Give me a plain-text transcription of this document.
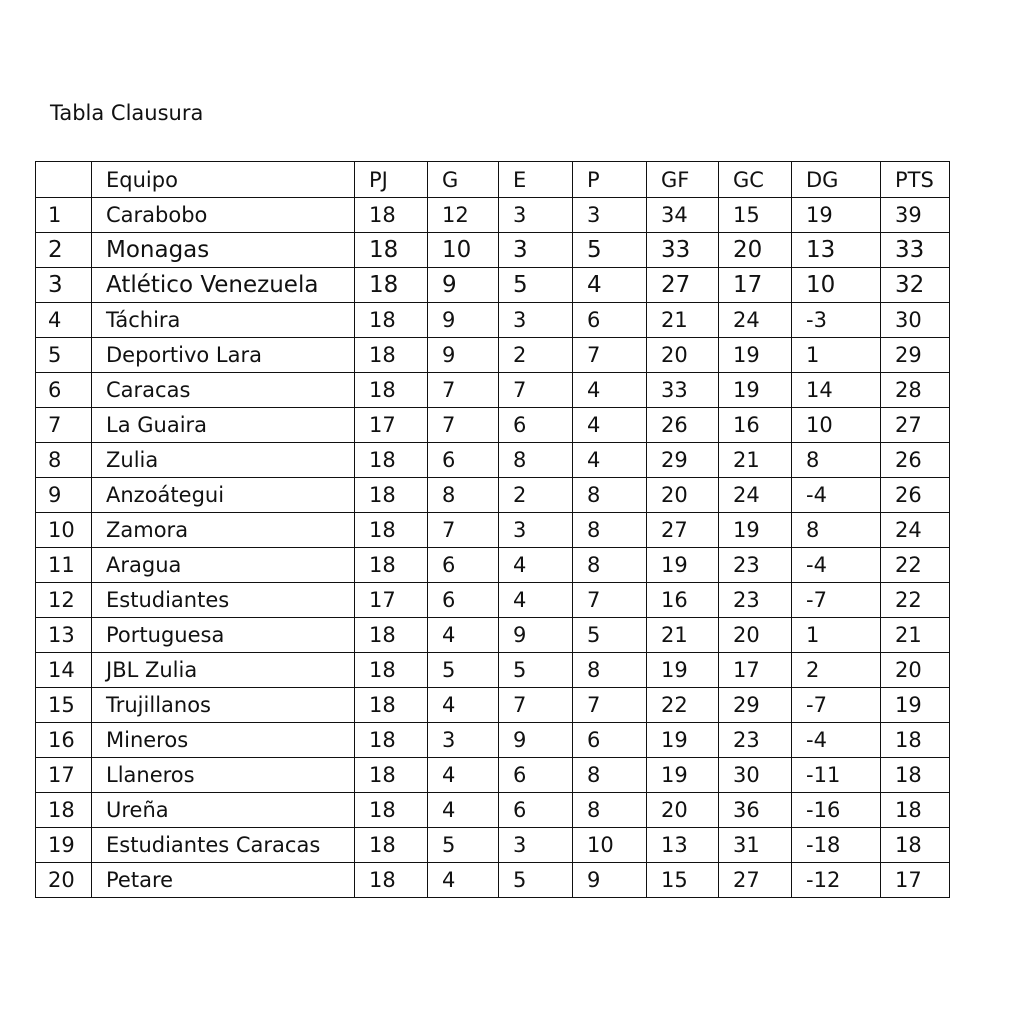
Tabla Clausura
	Equipo	PJ	G	E	P	GF	GC	DG	PTS
1	Carabobo	18	12	3	3	34	15	19	39
2	Monagas	18	10	3	5	33	20	13	33
3	Atlético Venezuela	18	9	5	4	27	17	10	32
4	Táchira	18	9	3	6	21	24	-3	30
5	Deportivo Lara	18	9	2	7	20	19	1	29
6	Caracas	18	7	7	4	33	19	14	28
7	La Guaira	17	7	6	4	26	16	10	27
8	Zulia	18	6	8	4	29	21	8	26
9	Anzoátegui	18	8	2	8	20	24	-4	26
10	Zamora	18	7	3	8	27	19	8	24
11	Aragua	18	6	4	8	19	23	-4	22
12	Estudiantes	17	6	4	7	16	23	-7	22
13	Portuguesa	18	4	9	5	21	20	1	21
14	JBL Zulia	18	5	5	8	19	17	2	20
15	Trujillanos	18	4	7	7	22	29	-7	19
16	Mineros	18	3	9	6	19	23	-4	18
17	Llaneros	18	4	6	8	19	30	-11	18
18	Ureña	18	4	6	8	20	36	-16	18
19	Estudiantes Caracas	18	5	3	10	13	31	-18	18
20	Petare	18	4	5	9	15	27	-12	17
